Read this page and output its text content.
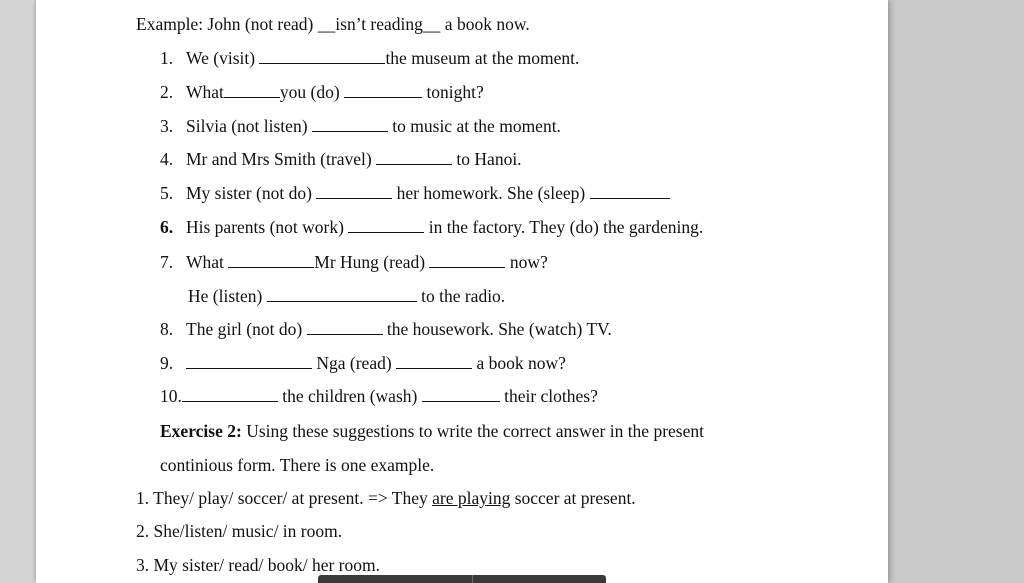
Example: John (not read) __isn’t reading__ a book now.
1. We (visit)	the museum at the moment.
2. What	you (do)	tonight?
3. Silvia (not listen)	to music at the moment.
4. Mr and Mrs Smith (travel)	to Hanoi.
5. My sister (not do)	her homework. She (sleep)
6. His parents (not work)	in the factory. They (do) the gardening.
7. What	Mr Hung (read)	now?
He (listen)	to the radio.
8. The girl (not do)	the housework. She (watch) TV.
9.	Nga (read)	a book now?
10.	the children (wash)	their clothes?
Exercise 2: Using these suggestions to write the correct answer in the present
continious form. There is one example.
1. They/ play/ soccer/ at present. => They are playing soccer at present.
2. She/listen/ music/ in room.
3. My sister/ read/ book/ her room.
